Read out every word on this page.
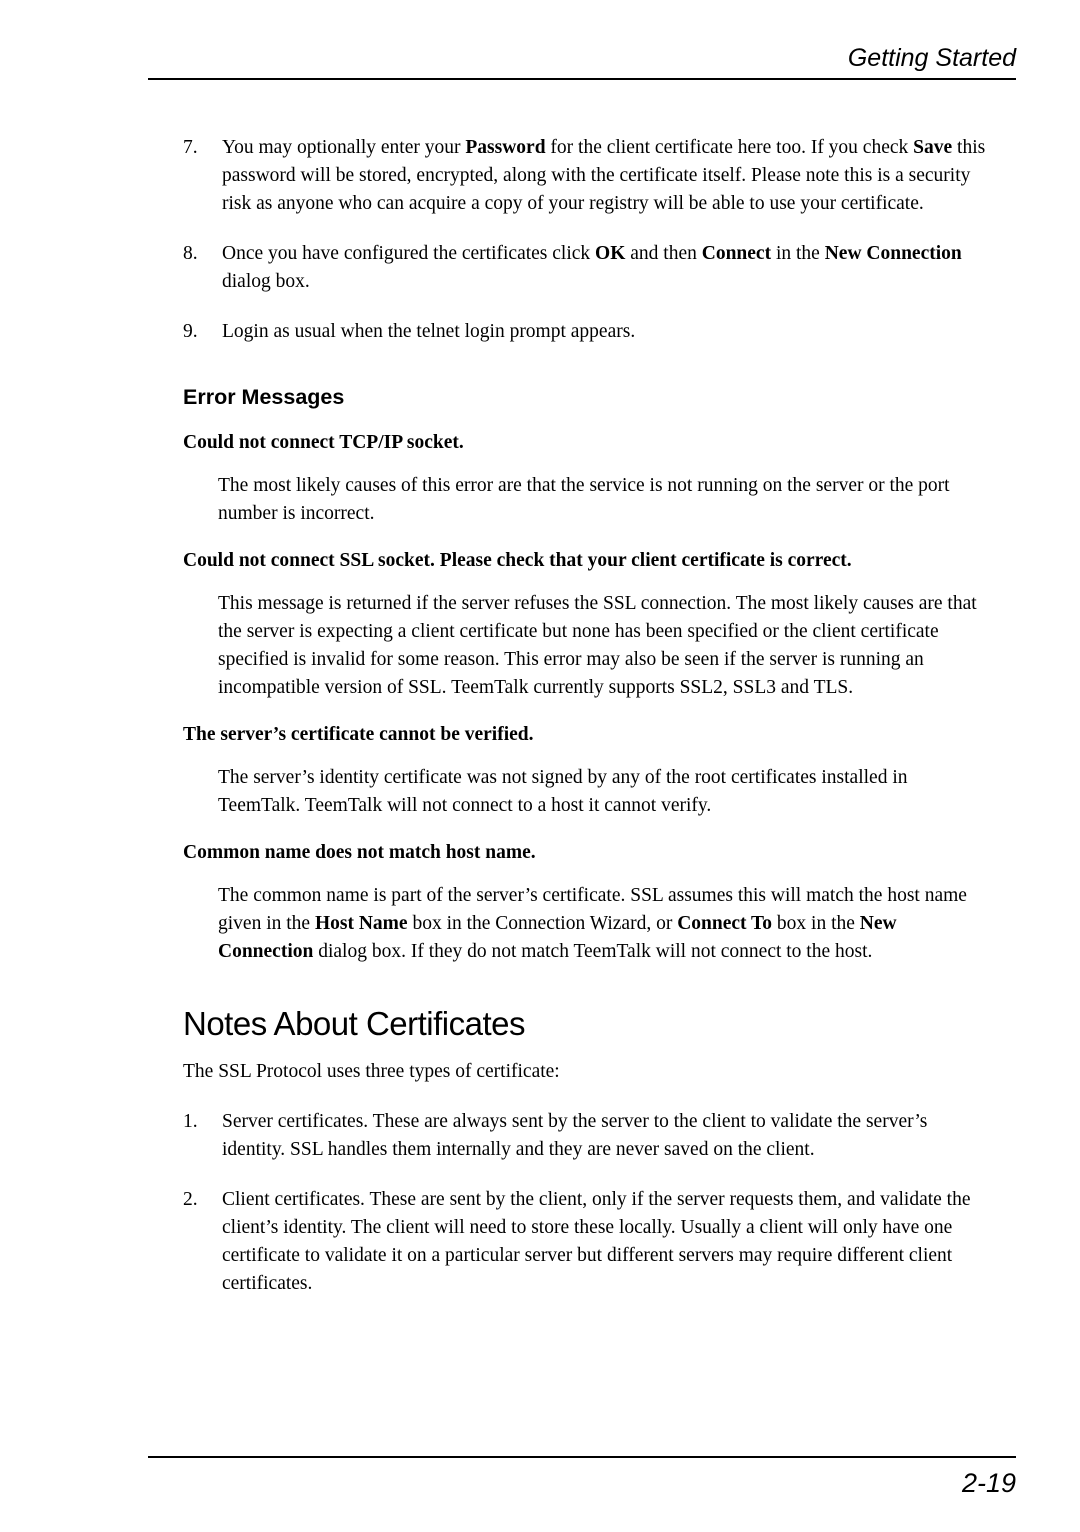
Getting Started
7.	You may optionally enter your Password for the client certificate here too. If you check Save this password will be stored, encrypted, along with the certificate itself. Please note this is a security risk as anyone who can acquire a copy of your registry will be able to use your certificate.
8.	Once you have configured the certificates click OK and then Connect in the New Connection dialog box.
9.	Login as usual when the telnet login prompt appears.
Error Messages
Could not connect TCP/IP socket.

The most likely causes of this error are that the service is not running on the server or the port number is incorrect.

Could not connect SSL socket. Please check that your client certificate is correct.

This message is returned if the server refuses the SSL connection. The most likely causes are that the server is expecting a client certificate but none has been specified or the client certificate specified is invalid for some reason. This error may also be seen if the server is running an incompatible version of SSL. TeemTalk currently supports SSL2, SSL3 and TLS.

The server’s certificate cannot be verified.

The server’s identity certificate was not signed by any of the root certificates installed in TeemTalk. TeemTalk will not connect to a host it cannot verify.

Common name does not match host name.

The common name is part of the server’s certificate. SSL assumes this will match the host name given in the Host Name box in the Connection Wizard, or Connect To box in the New Connection dialog box. If they do not match TeemTalk will not connect to the host.

Notes About Certificates

The SSL Protocol uses three types of certificate:

1.	Server certificates. These are always sent by the server to the client to validate the server’s identity. SSL handles them internally and they are never saved on the client.
2.	Client certificates. These are sent by the client, only if the server requests them, and validate the client’s identity. The client will need to store these locally. Usually a client will only have one certificate to validate it on a particular server but different servers may require different client certificates.
2-19
